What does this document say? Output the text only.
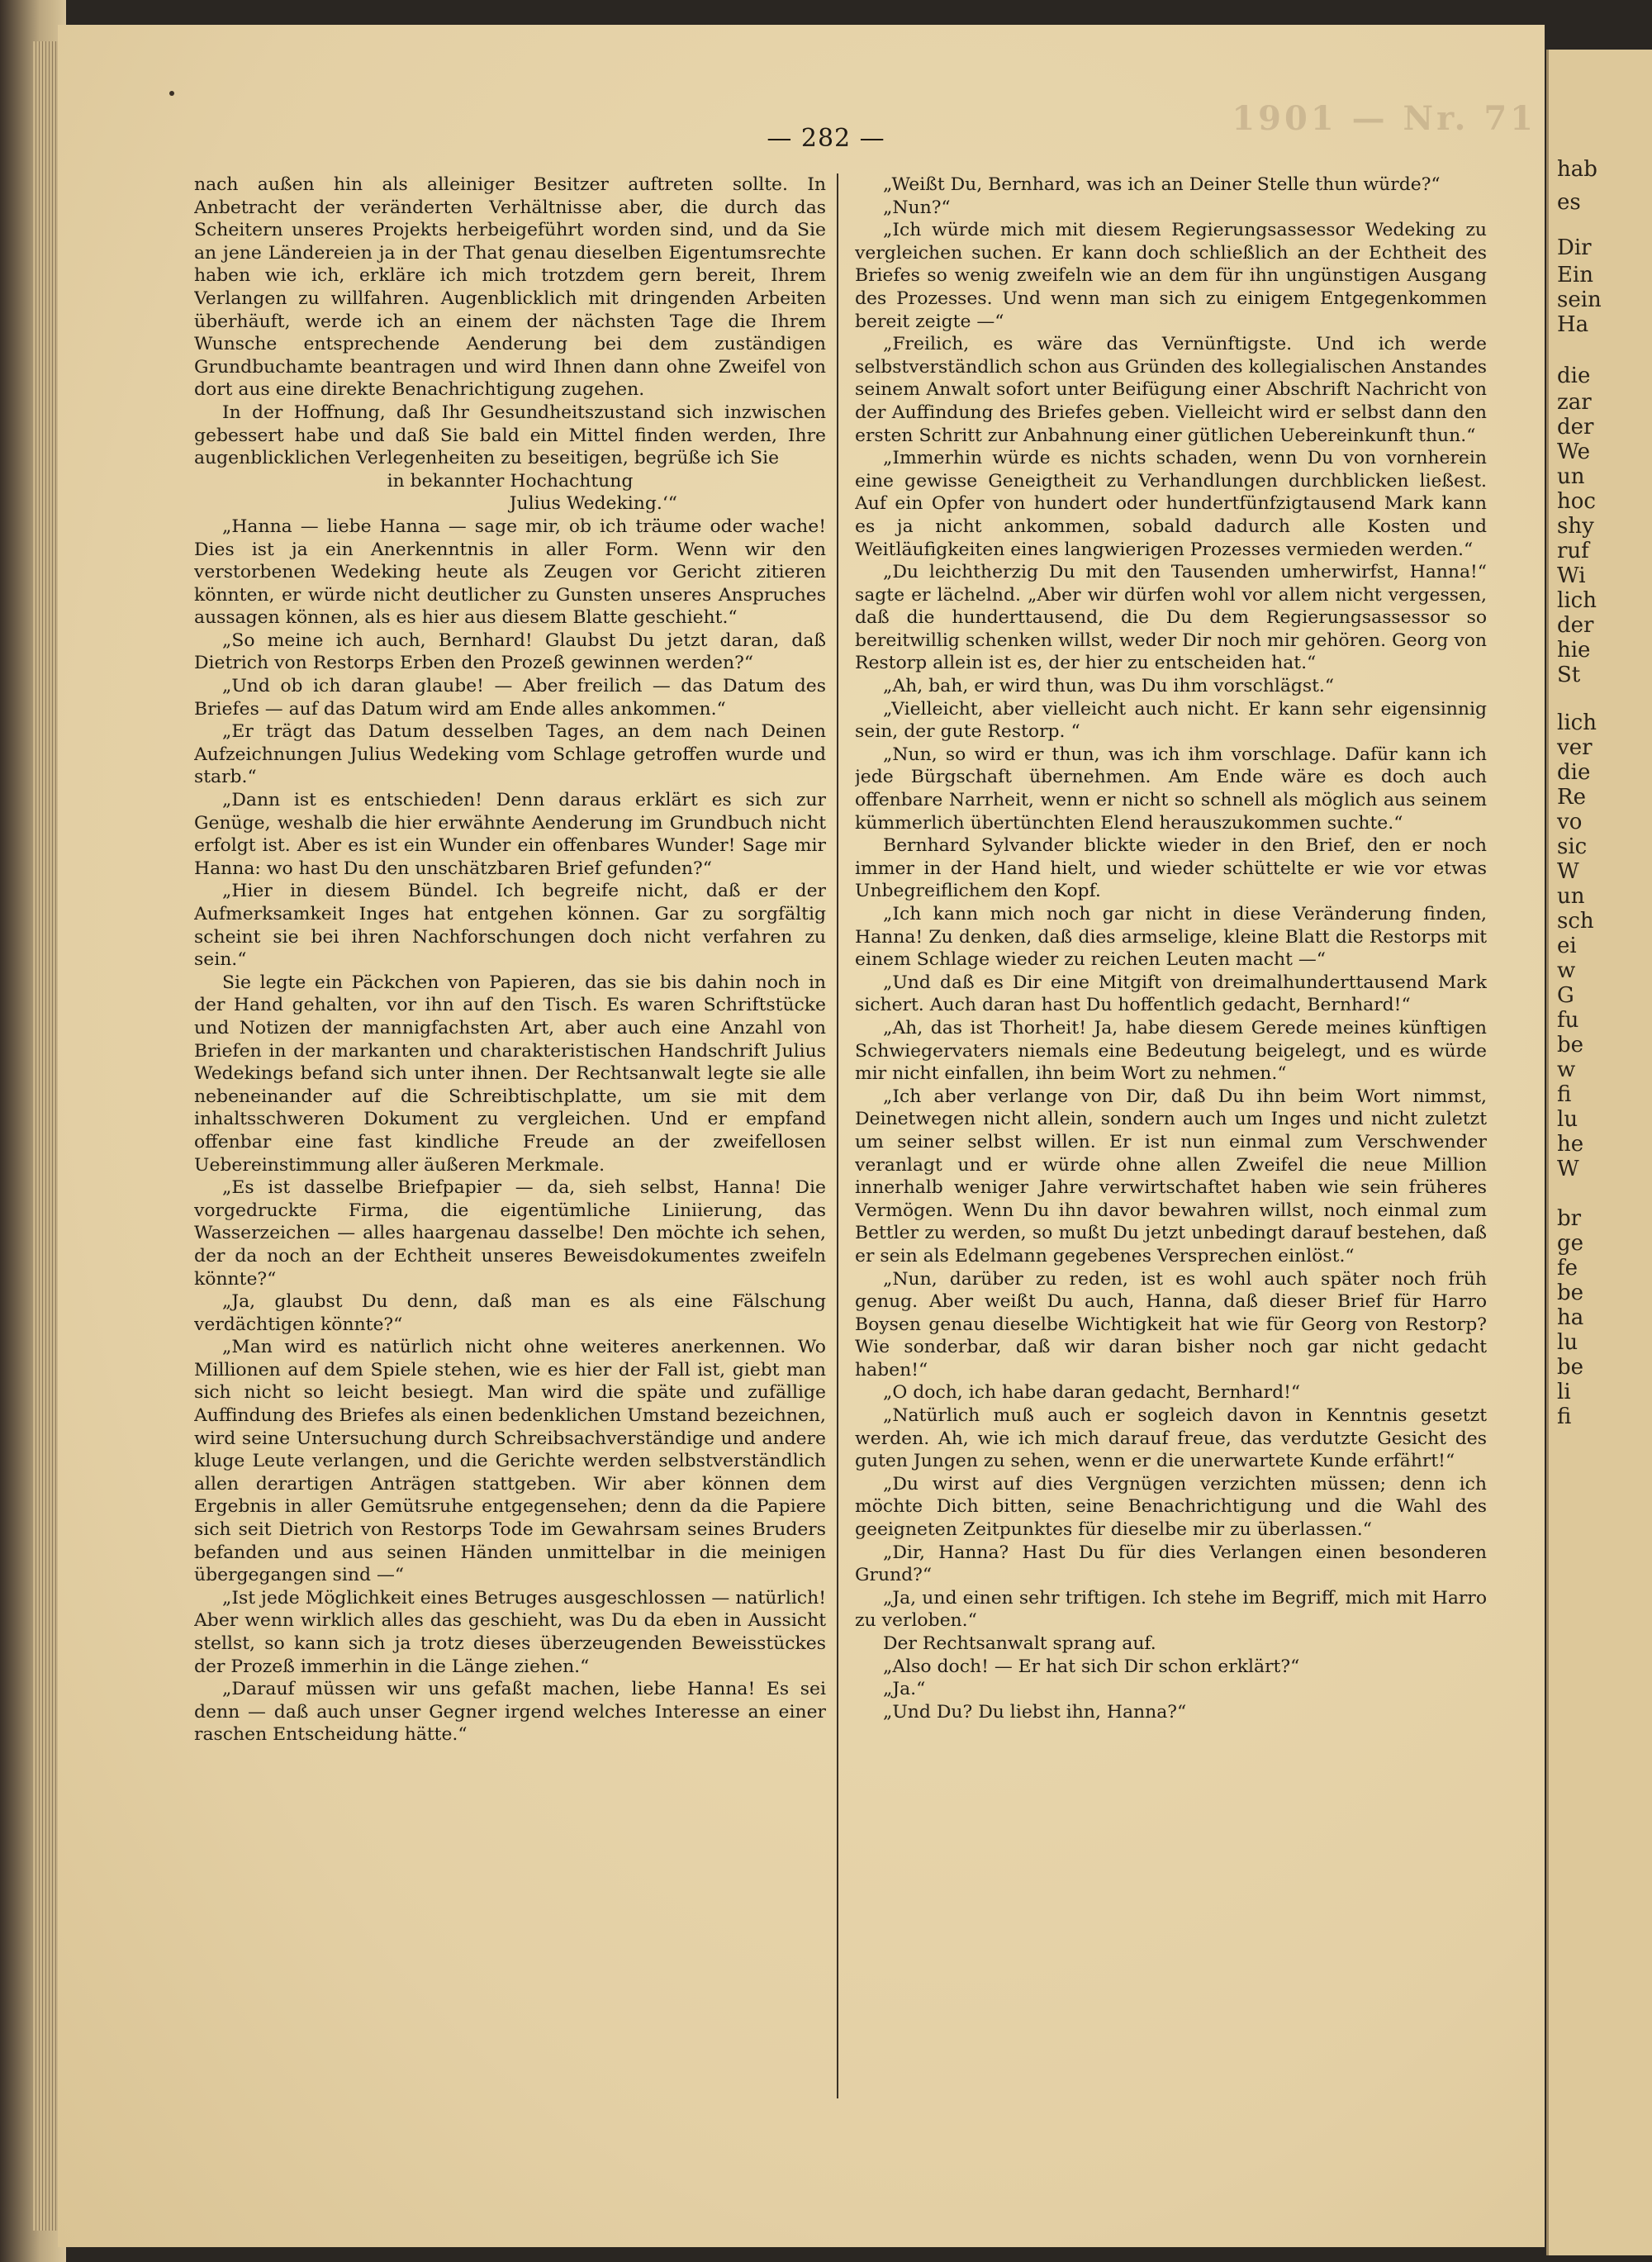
1901 — Nr. 71
— 282 —

nach außen hin als alleiniger Besitzer auftreten sollte. In Anbetracht der veränderten Verhältnisse aber, die durch das Scheitern unseres Projekts herbeigeführt worden sind, und da Sie an jene Ländereien ja in der That genau dieselben Eigentumsrechte haben wie ich, erkläre ich mich trotzdem gern bereit, Ihrem Verlangen zu willfahren. Augenblicklich mit dringenden Arbeiten überhäuft, werde ich an einem der nächsten Tage die Ihrem Wunsche entsprechende Aenderung bei dem zuständigen Grundbuchamte beantragen und wird Ihnen dann ohne Zweifel von dort aus eine direkte Benachrichtigung zugehen.

In der Hoffnung, daß Ihr Gesundheitszustand sich inzwischen gebessert habe und daß Sie bald ein Mittel finden werden, Ihre augenblicklichen Verlegenheiten zu beseitigen, begrüße ich Sie

in bekannter Hochachtung

Julius Wedeking.‘“

„Hanna — liebe Hanna — sage mir, ob ich träume oder wache! Dies ist ja ein Anerkenntnis in aller Form. Wenn wir den verstorbenen Wedeking heute als Zeugen vor Gericht zitieren könnten, er würde nicht deutlicher zu Gunsten unseres Anspruches aussagen können, als es hier aus diesem Blatte geschieht.“

„So meine ich auch, Bernhard! Glaubst Du jetzt daran, daß Dietrich von Restorps Erben den Prozeß gewinnen werden?“

„Und ob ich daran glaube! — Aber freilich — das Datum des Briefes — auf das Datum wird am Ende alles ankommen.“

„Er trägt das Datum desselben Tages, an dem nach Deinen Aufzeichnungen Julius Wedeking vom Schlage getroffen wurde und starb.“

„Dann ist es entschieden! Denn daraus erklärt es sich zur Genüge, weshalb die hier erwähnte Aenderung im Grundbuch nicht erfolgt ist. Aber es ist ein Wunder ein offenbares Wunder! Sage mir Hanna: wo hast Du den unschätzbaren Brief gefunden?“

„Hier in diesem Bündel. Ich begreife nicht, daß er der Aufmerksamkeit Inges hat entgehen können. Gar zu sorgfältig scheint sie bei ihren Nachforschungen doch nicht verfahren zu sein.“

Sie legte ein Päckchen von Papieren, das sie bis dahin noch in der Hand gehalten, vor ihn auf den Tisch. Es waren Schriftstücke und Notizen der mannigfachsten Art, aber auch eine Anzahl von Briefen in der markanten und charakteristischen Handschrift Julius Wedekings befand sich unter ihnen. Der Rechtsanwalt legte sie alle nebeneinander auf die Schreibtischplatte, um sie mit dem inhaltsschweren Dokument zu vergleichen. Und er empfand offenbar eine fast kindliche Freude an der zweifellosen Uebereinstimmung aller äußeren Merkmale.

„Es ist dasselbe Briefpapier — da, sieh selbst, Hanna! Die vorgedruckte Firma, die eigentümliche Liniierung, das Wasserzeichen — alles haargenau dasselbe! Den möchte ich sehen, der da noch an der Echtheit unseres Beweisdokumentes zweifeln könnte?“

„Ja, glaubst Du denn, daß man es als eine Fälschung verdächtigen könnte?“

„Man wird es natürlich nicht ohne weiteres anerkennen. Wo Millionen auf dem Spiele stehen, wie es hier der Fall ist, giebt man sich nicht so leicht besiegt. Man wird die späte und zufällige Auffindung des Briefes als einen bedenklichen Umstand bezeichnen, wird seine Untersuchung durch Schreibsachverständige und andere kluge Leute verlangen, und die Gerichte werden selbstverständlich allen derartigen Anträgen stattgeben. Wir aber können dem Ergebnis in aller Gemütsruhe entgegensehen; denn da die Papiere sich seit Dietrich von Restorps Tode im Gewahrsam seines Bruders befanden und aus seinen Händen unmittelbar in die meinigen übergegangen sind —“

„Ist jede Möglichkeit eines Betruges ausgeschlossen — natürlich! Aber wenn wirklich alles das geschieht, was Du da eben in Aussicht stellst, so kann sich ja trotz dieses überzeugenden Beweisstückes der Prozeß immerhin in die Länge ziehen.“

„Darauf müssen wir uns gefaßt machen, liebe Hanna! Es sei denn — daß auch unser Gegner irgend welches Interesse an einer raschen Entscheidung hätte.“

„Weißt Du, Bernhard, was ich an Deiner Stelle thun würde?“

„Nun?“

„Ich würde mich mit diesem Regierungsassessor Wedeking zu vergleichen suchen. Er kann doch schließlich an der Echtheit des Briefes so wenig zweifeln wie an dem für ihn ungünstigen Ausgang des Prozesses. Und wenn man sich zu einigem Entgegenkommen bereit zeigte —“

„Freilich, es wäre das Vernünftigste. Und ich werde selbstverständlich schon aus Gründen des kollegialischen Anstandes seinem Anwalt sofort unter Beifügung einer Abschrift Nachricht von der Auffindung des Briefes geben. Vielleicht wird er selbst dann den ersten Schritt zur Anbahnung einer gütlichen Uebereinkunft thun.“

„Immerhin würde es nichts schaden, wenn Du von vornherein eine gewisse Geneigtheit zu Verhandlungen durchblicken ließest. Auf ein Opfer von hundert oder hundertfünfzigtausend Mark kann es ja nicht ankommen, sobald dadurch alle Kosten und Weitläufigkeiten eines langwierigen Prozesses vermieden werden.“

„Du leichtherzig Du mit den Tausenden umherwirfst, Hanna!“ sagte er lächelnd. „Aber wir dürfen wohl vor allem nicht vergessen, daß die hunderttausend, die Du dem Regierungsassessor so bereitwillig schenken willst, weder Dir noch mir gehören. Georg von Restorp allein ist es, der hier zu entscheiden hat.“

„Ah, bah, er wird thun, was Du ihm vorschlägst.“

„Vielleicht, aber vielleicht auch nicht. Er kann sehr eigensinnig sein, der gute Restorp. “

„Nun, so wird er thun, was ich ihm vorschlage. Dafür kann ich jede Bürgschaft übernehmen. Am Ende wäre es doch auch offenbare Narrheit, wenn er nicht so schnell als möglich aus seinem kümmerlich übertünchten Elend herauszukommen suchte.“

Bernhard Sylvander blickte wieder in den Brief, den er noch immer in der Hand hielt, und wieder schüttelte er wie vor etwas Unbegreiflichem den Kopf.

„Ich kann mich noch gar nicht in diese Veränderung finden, Hanna! Zu denken, daß dies armselige, kleine Blatt die Restorps mit einem Schlage wieder zu reichen Leuten macht —“

„Und daß es Dir eine Mitgift von dreimalhunderttausend Mark sichert. Auch daran hast Du hoffentlich gedacht, Bernhard!“

„Ah, das ist Thorheit! Ja, habe diesem Gerede meines künftigen Schwiegervaters niemals eine Bedeutung beigelegt, und es würde mir nicht einfallen, ihn beim Wort zu nehmen.“

„Ich aber verlange von Dir, daß Du ihn beim Wort nimmst, Deinetwegen nicht allein, sondern auch um Inges und nicht zuletzt um seiner selbst willen. Er ist nun einmal zum Verschwender veranlagt und er würde ohne allen Zweifel die neue Million innerhalb weniger Jahre verwirtschaftet haben wie sein früheres Vermögen. Wenn Du ihn davor bewahren willst, noch einmal zum Bettler zu werden, so mußt Du jetzt unbedingt darauf bestehen, daß er sein als Edelmann gegebenes Versprechen einlöst.“

„Nun, darüber zu reden, ist es wohl auch später noch früh genug. Aber weißt Du auch, Hanna, daß dieser Brief für Harro Boysen genau dieselbe Wichtigkeit hat wie für Georg von Restorp? Wie sonderbar, daß wir daran bisher noch gar nicht gedacht haben!“

„O doch, ich habe daran gedacht, Bernhard!“

„Natürlich muß auch er sogleich davon in Kenntnis gesetzt werden. Ah, wie ich mich darauf freue, das verdutzte Gesicht des guten Jungen zu sehen, wenn er die unerwartete Kunde erfährt!“

„Du wirst auf dies Vergnügen verzichten müssen; denn ich möchte Dich bitten, seine Benachrichtigung und die Wahl des geeigneten Zeitpunktes für dieselbe mir zu überlassen.“

„Dir, Hanna? Hast Du für dies Verlangen einen besonderen Grund?“

„Ja, und einen sehr triftigen. Ich stehe im Begriff, mich mit Harro zu verloben.“

Der Rechtsanwalt sprang auf.

„Also doch! — Er hat sich Dir schon erklärt?“

„Ja.“

„Und Du? Du liebst ihn, Hanna?“

hab
es
Dir
Ein
sein
Ha
die
zar
der
We
un
hoc
shy
ruf
Wi
lich
der
hie
St
lich
ver
die
Re
vo
sic
W
un
sch
ei
w
G
fu
be
w
fi
lu
he
W
br
ge
fe
be
ha
lu
be
li
fi
